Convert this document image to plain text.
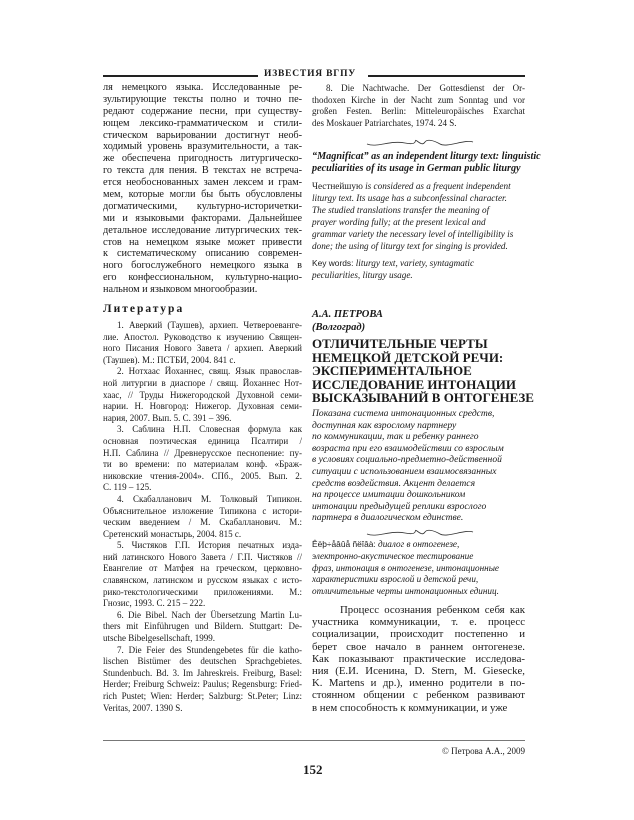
ИЗВЕСТИЯ ВГПУ
ля немецкого языка. Исследованные ре-
зультирующие тексты полно и точно пе-
редают содержание песни, при существу-
ющем лексико-грамматическом и стили-
стическом варьировании достигнут необ-
ходимый уровень вразумительности, а так-
же обеспечена пригодность литургическо-
го текста для пения. В текстах не встреча-
ется необоснованных замен лексем и грам-
мем, которые могли бы быть обусловлены
догматическими, культурно-историчетки-
ми и языковыми факторами. Дальнейшее
детальное исследование литургических тек-
стов на немецком языке может привести
к систематическому описанию современ-
ного богослужебного немецкого языка в
его конфессиональном, культурно-нацио-
нальном и языковом многообразии.
Литература
1. Аверкий (Таушев), архиеп. Четвероеванге-
лие. Апостол. Руководство к изучению Священ-
ного Писания Нового Завета / архиеп. Аверкий
(Таушев). М.: ПСТБИ, 2004. 841 с.
2. Нотхаас Йоханнес, свящ. Язык православ-
ной литургии в диаспоре / свящ. Йоханнес Нот-
хаас, // Труды Нижегородской Духовной семи-
нарии. Н. Новгород: Нижегор. Духовная семи-
нария, 2007. Вып. 5. С. 391 – 396.
3. Саблина Н.П. Словесная формула как
основная поэтическая единица Псалтири /
Н.П. Саблина // Древнерусское песнопение: пу-
ти во времени: по материалам конф. «Браж-
никовские чтения-2004». СПб., 2005. Вып. 2.
С. 119 – 125.
4. Скабалланович М. Толковый Типикон.
Объяснительное изложение Типикона с истори-
ческим введением / М. Скабалланович. М.:
Сретенский монастырь, 2004. 815 с.
5. Чистяков Г.П. История печатных изда-
ний латинского Нового Завета / Г.П. Чистяков //
Евангелие от Матфея на греческом, церковно-
славянском, латинском и русском языках с исто-
рико-текстологическими приложениями. М.:
Гнозис, 1993. С. 215 – 222.
6. Die Bibel. Nach der Übersetzung Martin Lu-
thers mit Einführugen und Bildern. Stuttgart: De-
utsche Bibelgesellschaft, 1999.
7. Die Feier des Stundengebetes für die katho-
lischen Bistümer des deutschen Sprachgebietes.
Stundenbuch. Bd. 3. Im Jahreskreis. Freiburg, Basel:
Herder; Freiburg Schweiz: Paulus; Regensburg: Fried-
rich Pustet; Wien: Herder; Salzburg: St.Peter; Linz:
Veritas, 2007. 1390 S.
8. Die Nachtwache. Der Gottesdienst der Or-
thodoxen Kirche in der Nacht zum Sonntag und vor
großen Festen. Berlin: Mitteleuropäisches Exarchat
des Moskauer Patriarchates, 1974. 24 S.
“Magnificat” as an independent liturgy text: linguistic
peculiarities of its usage in German public liturgy
Честнейшую is considered as a frequent independent
liturgy text. Its usage has a subconfessinal character.
The studied translations transfer the meaning of
prayer wording fully; at the present lexical and
grammar variety the necessary level of intelligibility is
done; the using of liturgy text for singing is provided.
Key words: liturgy text, variety, syntagmatic
peculiarities, liturgy usage.
А.А. ПЕТРОВА
(Волгоград)
ОТЛИЧИТЕЛЬНЫЕ ЧЕРТЫ
НЕМЕЦКОЙ ДЕТСКОЙ РЕЧИ:
ЭКСПЕРИМЕНТАЛЬНОЕ
ИССЛЕДОВАНИЕ ИНТОНАЦИИ
ВЫСКАЗЫВАНИЙ В ОНТОГЕНЕЗЕ
Показана система интонационных средств,
доступная как взрослому партнеру
по коммуникации, так и ребенку раннего
возраста при его взаимодействии со взрослым
в условиях социально-предметно-действенной
ситуации с использованием взаимосвязанных
средств воздействия. Акцент делается
на процессе имитации дошкольником
интонации предыдущей реплики взрослого
партнера в диалогическом единстве.
Êëþ÷åâûå ñëîâà: диалог в онтогенезе,
электронно-акустическое тестирование
фраз, интонация в онтогенезе, интонационные
характеристики взрослой и детской речи,
отличительные черты интонационных единиц.
Процесс осознания ребенком себя как
участника коммуникации, т. е. процесс
социализации, происходит постепенно и
берет свое начало в раннем онтогенезе.
Как показывают практические исследова-
ния (Е.И. Исенина, D. Stern, M. Giesecke,
K. Martens и др.), именно родители в по-
стоянном общении с ребенком развивают
в нем способность к коммуникации, и уже
© Петрова А.А., 2009
152
